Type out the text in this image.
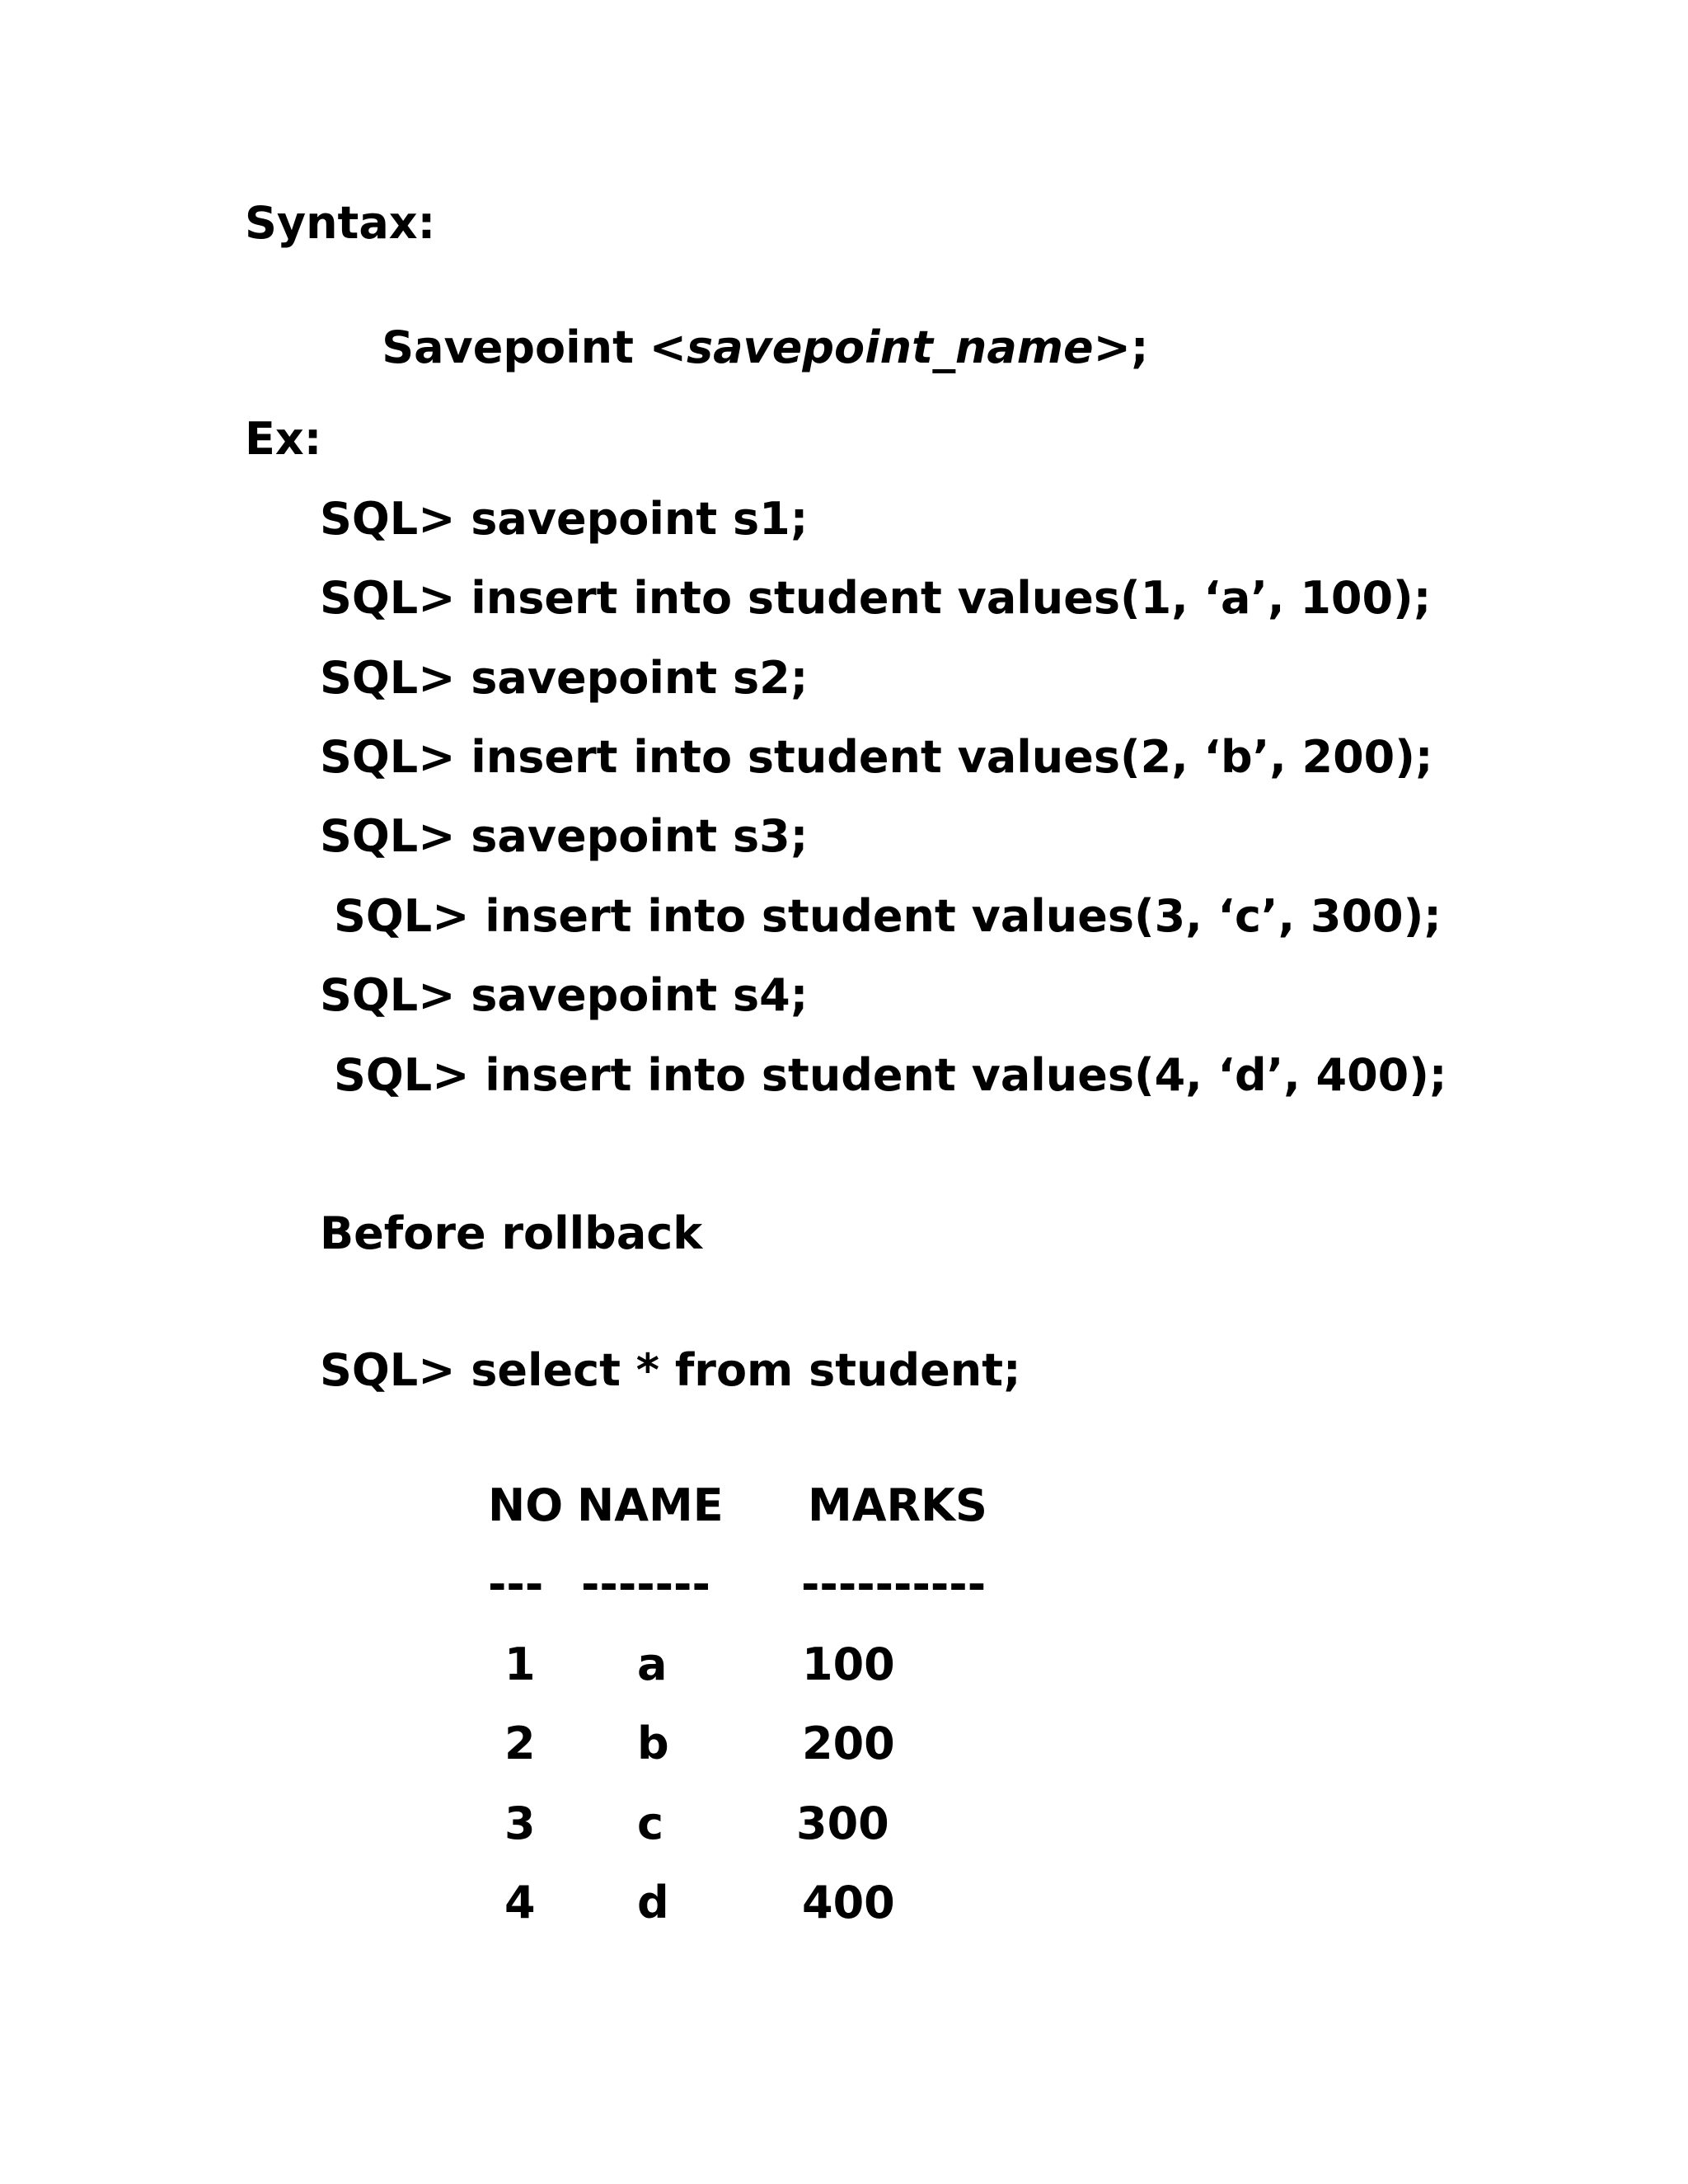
Syntax:

Savepoint <savepoint_name>;

Ex:
SQL> savepoint s1;
SQL> insert into student values(1, ‘a’, 100);
SQL> savepoint s2;
SQL> insert into student values(2, ‘b’, 200);
SQL> savepoint s3;
SQL> insert into student values(3, ‘c’, 300);
SQL> savepoint s4;
SQL> insert into student values(4, ‘d’, 400);
Before rollback
SQL> select * from student;
NO NAME MARKS
--- ------- ----------
1 a	100
2 b	200
3 c	300
4 d	400
